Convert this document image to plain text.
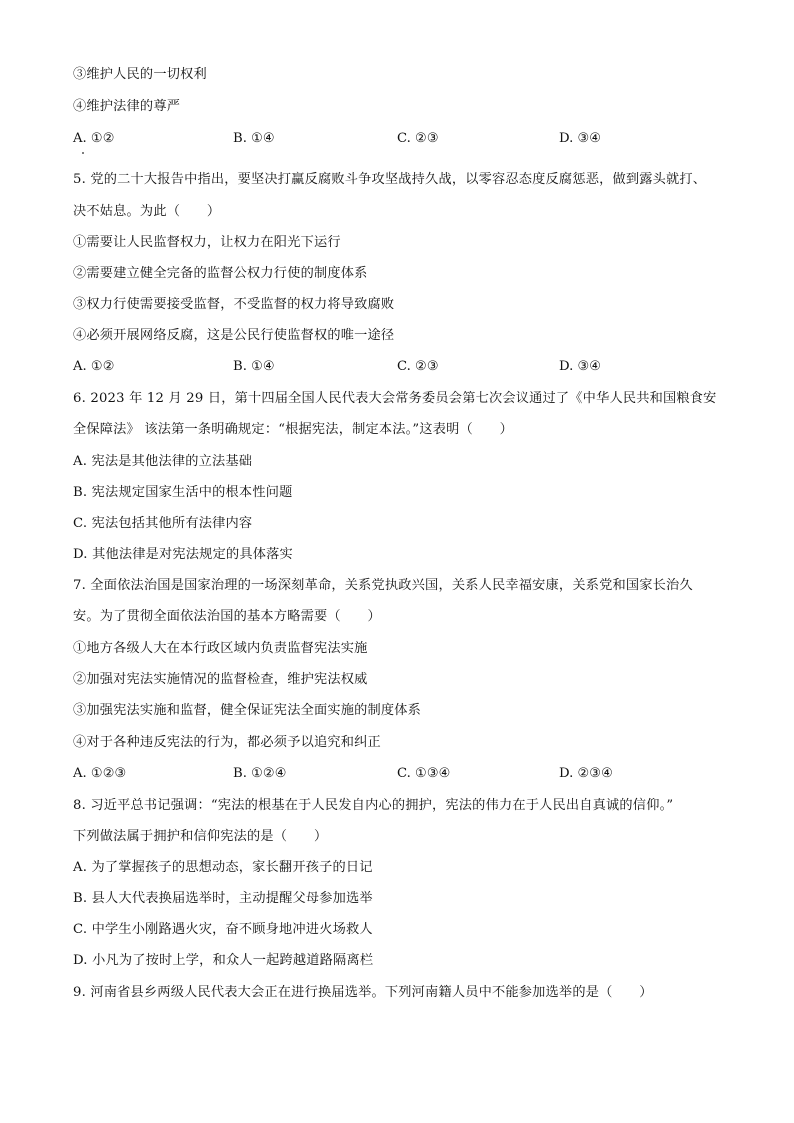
③维护人民的一切权利
④维护法律的尊严
A. ①②	B. ①④	C. ②③	D. ③④
5. 党的二十大报告中指出，要坚决打赢反腐败斗争攻坚战持久战，以零容忍态度反腐惩恶，做到露头就打、
决不姑息。为此（　　）
①需要让人民监督权力，让权力在阳光下运行
②需要建立健全完备的监督公权力行使的制度体系
③权力行使需要接受监督，不受监督的权力将导致腐败
④必须开展网络反腐，这是公民行使监督权的唯一途径
A. ①②	B. ①④	C. ②③	D. ③④
6. 2023 年 12 月 29 日，第十四届全国人民代表大会常务委员会第七次会议通过了《中华人民共和国粮食安
全保障法》 该法第一条明确规定：“根据宪法，制定本法。”这表明（　　）
A. 宪法是其他法律的立法基础
B. 宪法规定国家生活中的根本性问题
C. 宪法包括其他所有法律内容
D. 其他法律是对宪法规定的具体落实
7. 全面依法治国是国家治理的一场深刻革命，关系党执政兴国，关系人民幸福安康，关系党和国家长治久
安。为了贯彻全面依法治国的基本方略需要（　　）
①地方各级人大在本行政区域内负责监督宪法实施
②加强对宪法实施情况的监督检查，维护宪法权威
③加强宪法实施和监督，健全保证宪法全面实施的制度体系
④对于各种违反宪法的行为，都必须予以追究和纠正
A. ①②③	B. ①②④	C. ①③④	D. ②③④
8. 习近平总书记强调：“宪法的根基在于人民发自内心的拥护，宪法的伟力在于人民出自真诚的信仰。”
下列做法属于拥护和信仰宪法的是（　　）
A. 为了掌握孩子的思想动态，家长翻开孩子的日记
B. 县人大代表换届选举时，主动提醒父母参加选举
C. 中学生小刚路遇火灾，奋不顾身地冲进火场救人
D. 小凡为了按时上学，和众人一起跨越道路隔离栏
9. 河南省县乡两级人民代表大会正在进行换届选举。下列河南籍人员中不能参加选举的是（　　）
